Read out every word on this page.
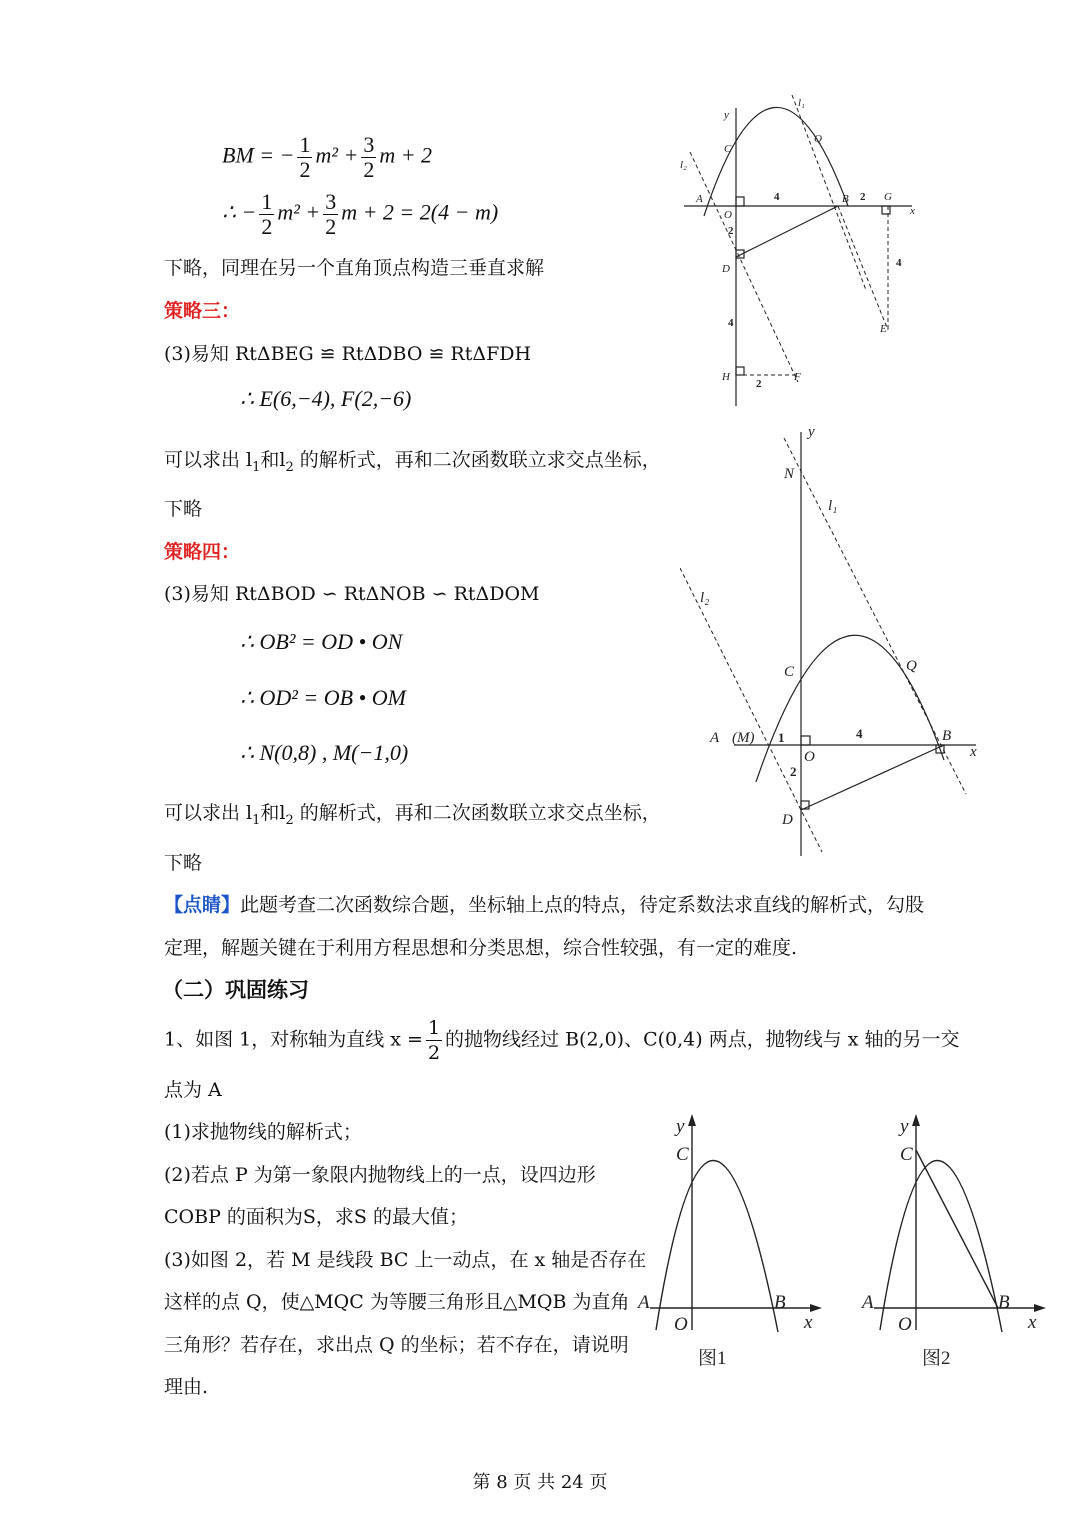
BM = − $\frac{1}{2} m^2 + \frac{3}{2}$ m + 2
∴ − $\frac{1}{2} m^2 + \frac{3}{2}$ m + 2 = 2(4 − m)
下略，同理在另一个直角顶点构造三垂直求解
策略三：
(3)易知 RtΔBEG ≌ RtΔDBO ≌ RtΔFDH
∴ E(6,−4), F(2,−6)
可以求出 $l_1$和$l_2$ 的解析式，再和二次函数联立求交点坐标，
下略
策略四：
(3)易知 RtΔBOD ∽ RtΔNOB ∽ RtΔDOM
∴ OB² = OD • ON
∴ OD² = OB • OM
∴ N(0,8) , M(−1,0)
可以求出 $l_1$和$l_2$ 的解析式，再和二次函数联立求交点坐标，
下略
【点睛】此题考查二次函数综合题，坐标轴上点的特点，待定系数法求直线的解析式，勾股
定理，解题关键在于利用方程思想和分类思想，综合性较强，有一定的难度.
（二）巩固练习
1、如图 1，对称轴为直线 $x = \frac{1}{2}$ 的抛物线经过 B(2,0)、C(0,4) 两点，抛物线与 x 轴的另一交
点为 A
(1)求抛物线的解析式；
(2)若点 P 为第一象限内抛物线上的一点，设四边形
COBP 的面积为S，求S 的最大值；
(3)如图 2，若 M 是线段 BC 上一动点，在 x 轴是否存在
这样的点 Q，使△MQC 为等腰三角形且△MQB 为直角
三角形？若存在，求出点 Q 的坐标；若不存在，请说明
理由.
y
C
Q
l₁
l₂
A
O
4	B 2 G
x
2
D
4
4
E
H
2
F
y
N
l₁
l₂
C	Q
A (M) 1
O
4	B
x
2
D
y
C
A
O
B
x
图1
y
C
A
O
B
x
图2
第 8 页 共 24 页
